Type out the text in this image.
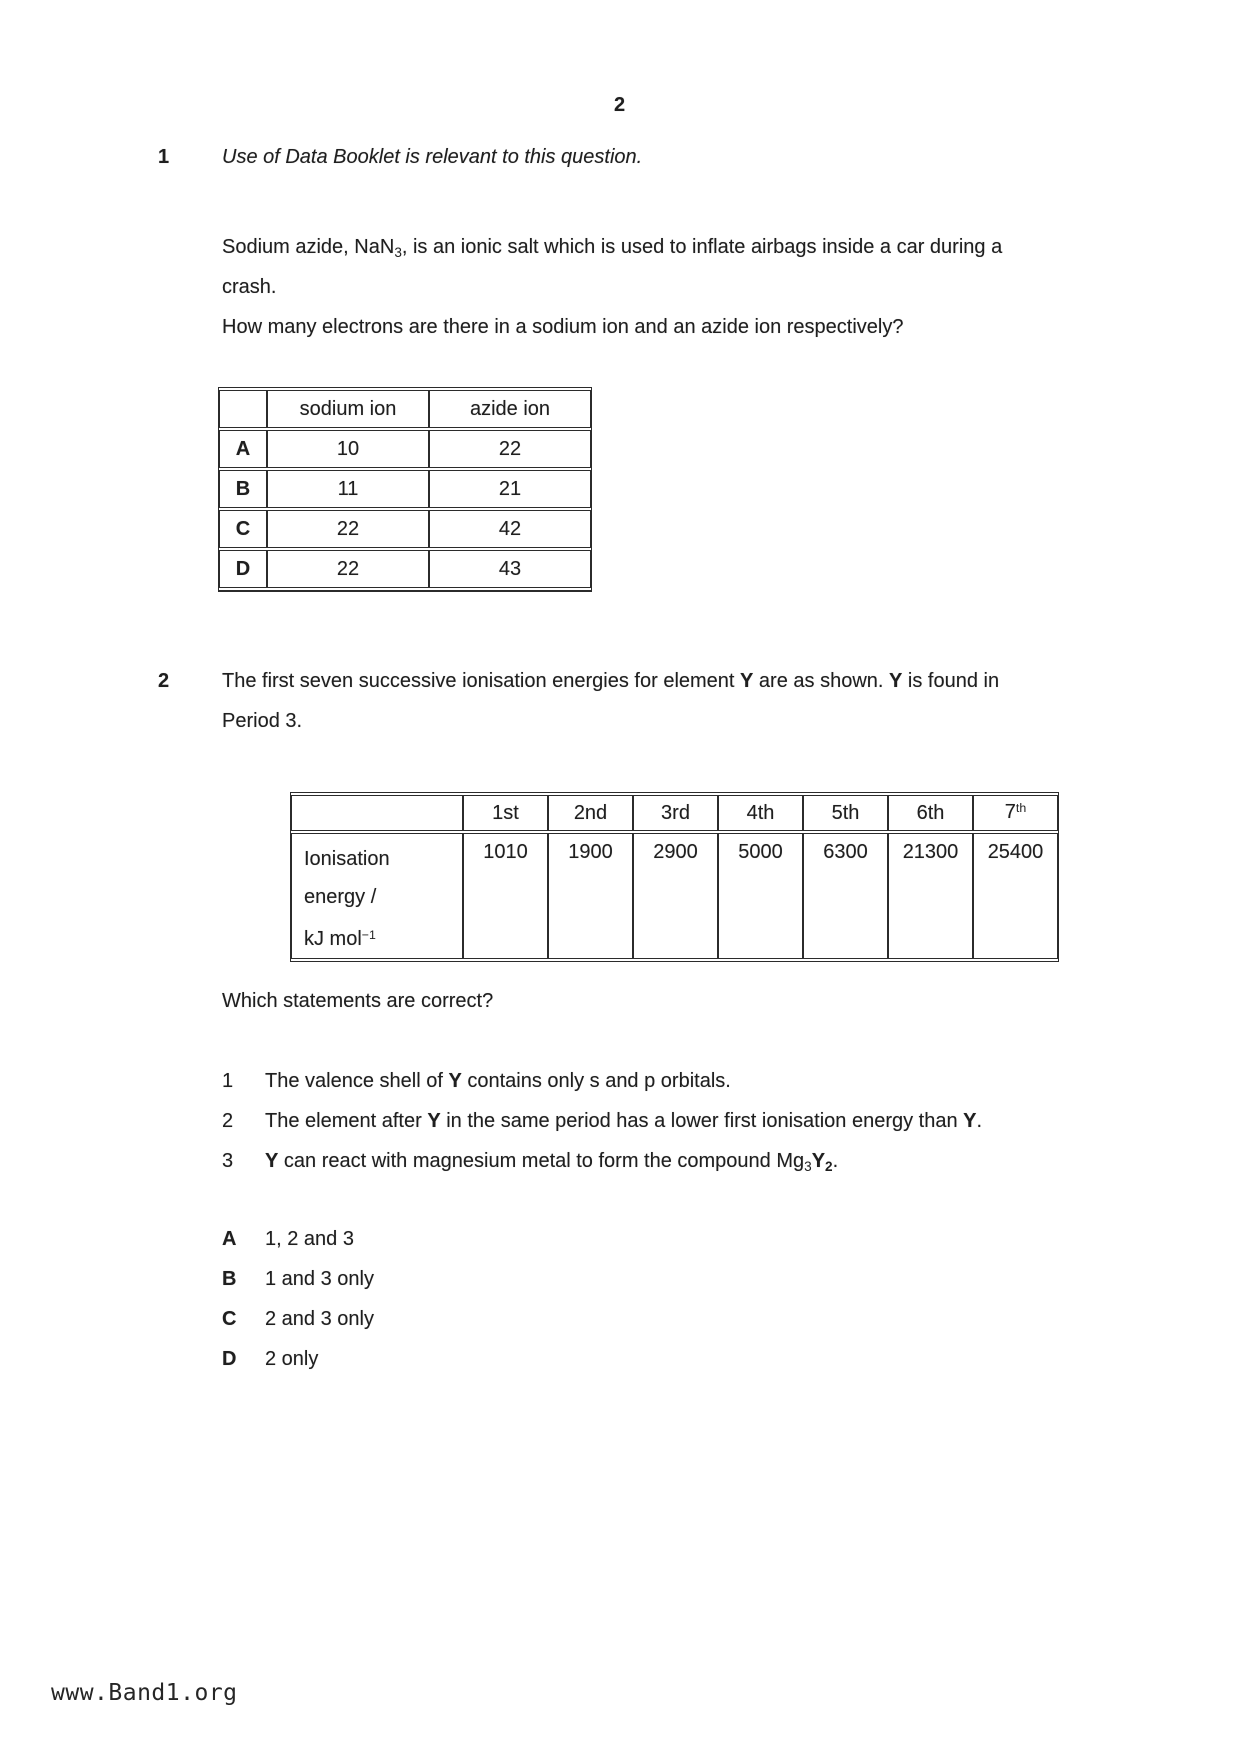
2
1	Use of Data Booklet is relevant to this question.
Sodium azide, NaN$_3$, is an ionic salt which is used to inflate airbags inside a car during a
crash.
How many electrons are there in a sodium ion and an azide ion respectively?
	sodium ion	azide ion
A	10	22
B	11	21
C	22	42
D	22	43
2	The first seven successive ionisation energies for element Y are as shown. Y is found in
Period 3.
	1st	2nd	3rd	4th	5th	6th	7th
Ionisation
energy /
kJ mol$^{-1}$	1010	1900	2900	5000	6300	21300	25400
Which statements are correct?
1 The valence shell of Y contains only s and p orbitals.
2 The element after Y in the same period has a lower first ionisation energy than Y.
3 Y can react with magnesium metal to form the compound $Mg_3Y_2$.
A 1, 2 and 3
B 1 and 3 only
C 2 and 3 only
D 2 only
www.Band1.org
